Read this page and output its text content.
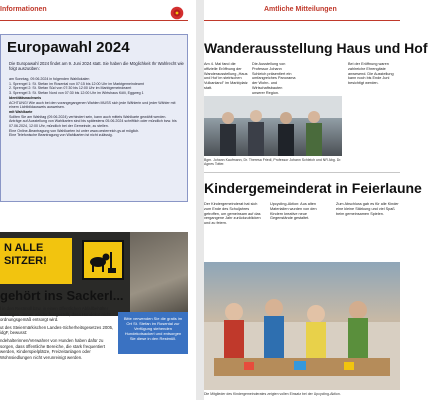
Informationen
Europawahl 2024
Die Europawahl 2024 findet am 9. Juni 2024 statt. Sie haben die Möglichkeit Ihr Wahlrecht wie folgt auszuüben:

am Sonntag, 09.06.2024 in folgenden Wahllokalen

1. Sprengel 1: St. Stefan im Rosental von 07:15 bis 12:00 Uhr im Marktgemeindeamt

2. Sprengel 2: St. Stefan Süd von 07:30 bis 12:00 Uhr im Marktgemeindeamt

3. Sprengel 3: St. Stefan Nord von 07:30 bis 12:00 Uhr im Wirtshaus Kölli, Eggweg 1

Identitätsnachweis

ACHTUNG! Wie auch bei den vorangegangenen Wahlen MUSS sich jede Wählerin und jeder Wähler mit einem Lichtbildausweis ausweisen.

mit Wahlkarte

Sollten Sie am Wahltag (09.06.2024) verhindert sein, kann auch mittels Wahlkarte gewählt werden.

Anträge auf Ausstellung von Wahlkarten sind bis spätestens 05.06.2024 schriftlich oder mündlich bzw. bis 07.06.2024, 12:00 Uhr, mündlich bei der Gemeinde, zu stellen.

Eine Online-Beantragung von Wahlkarten ist unter www.oesterreich.gv.at möglich.

Eine Telefonische Beantragung von Wahlkarten ist nicht zulässig.

N ALLE
SITZER!
gehört ins Sackerl...

l in den Restmüll bzw. in einen öffentlichen Abfallbehälter entsorgen. Immer wieder festgestellt, dass Hundekot nicht ordnungsgemäß entsorgt wird.

ut des Steiermärkischen Landes-Sicherheitsgesetzes 2005, idgF, bewusst:

ndehalterinnen/Verwahrer von Hunden haben dafür zu sorgen, dass öffentliche Bereiche, die stark frequentiert werden, Kinderspielplätze, Freizeitanlagen oder Wohnsiedlungen nicht verunreinigt werden.

Bitte verwenden Sie die gratis im Ort St. Stefan im Rosental zur Verfügung stehenden Hundekotsackerl und entsorgen Sie diese in den Restmüll.
Amtliche Mitteilungen
Wanderausstellung Haus und Hof
Am 4. Mai fand die offizielle Eröffnung der Wanderausstellung „Haus und Hof im steirischen Vulkanland" im Marktplatz statt.
Die Ausstellung von Professor Johann Schleich präsentiert ein umfangreiches Panorama der Wohn- und Wirtschaftsbauten unserer Region.
Bei der Eröffnung waren zahlreiche Ehrengäste anwesend. Die Ausstellung kann noch bis Ende Juni besichtigt werden.
Bgm. Johann Kaufmann, Dr. Theresa Friedl, Professor Johann Schleich und NR Abg. Dr. Agnes Totter.
Kindergemeinderat in Feierlaune
Der Kindergemeinderat hat sich zum Ende des Schuljahres getroffen, um gemeinsam auf das vergangene Jahr zurückzublicken und zu feiern.
Upcycling-Aktion: Aus alten Materialien wurden von den Kindern kreative neue Gegenstände gestaltet.
Zum Abschluss gab es für alle Kinder eine kleine Stärkung und viel Spaß beim gemeinsamen Spielen.
Die Mitglieder des Kindergemeinderates zeigten vollen Einsatz bei der Upcycling-Aktion.
